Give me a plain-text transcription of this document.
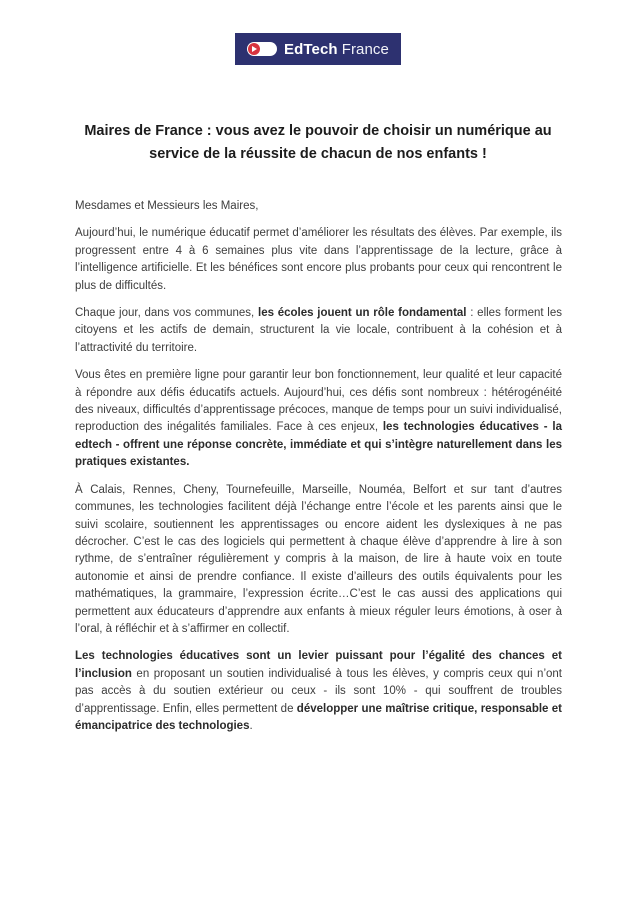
EdTech France
Maires de France : vous avez le pouvoir de choisir un numérique au
service de la réussite de chacun de nos enfants !

Mesdames et Messieurs les Maires,

Aujourd’hui, le numérique éducatif permet d’améliorer les résultats des élèves. Par exemple, ils progressent entre 4 à 6 semaines plus vite dans l’apprentissage de la lecture, grâce à l’intelligence artificielle. Et les bénéfices sont encore plus probants pour ceux qui rencontrent le plus de difficultés.

Chaque jour, dans vos communes, les écoles jouent un rôle fondamental : elles forment les citoyens et les actifs de demain, structurent la vie locale, contribuent à la cohésion et à l’attractivité du territoire.

Vous êtes en première ligne pour garantir leur bon fonctionnement, leur qualité et leur capacité à répondre aux défis éducatifs actuels. Aujourd’hui, ces défis sont nombreux : hétérogénéité des niveaux, difficultés d’apprentissage précoces, manque de temps pour un suivi individualisé, reproduction des inégalités familiales. Face à ces enjeux, les technologies éducatives - la edtech - offrent une réponse concrète, immédiate et qui s’intègre naturellement dans les pratiques existantes.

À Calais, Rennes, Cheny, Tournefeuille, Marseille, Nouméa, Belfort et sur tant d’autres communes, les technologies facilitent déjà l’échange entre l’école et les parents ainsi que le suivi scolaire, soutiennent les apprentissages ou encore aident les dyslexiques à ne pas décrocher. C’est le cas des logiciels qui permettent à chaque élève d’apprendre à lire à son rythme, de s’entraîner régulièrement y compris à la maison, de lire à haute voix en toute autonomie et ainsi de prendre confiance. Il existe d’ailleurs des outils équivalents pour les mathématiques, la grammaire, l’expression écrite…C’est le cas aussi des applications qui permettent aux éducateurs d’apprendre aux enfants à mieux réguler leurs émotions, à oser à l’oral, à réfléchir et à s’affirmer en collectif.

Les technologies éducatives sont un levier puissant pour l’égalité des chances et l’inclusion en proposant un soutien individualisé à tous les élèves, y compris ceux qui n’ont pas accès à du soutien extérieur ou ceux - ils sont 10% - qui souffrent de troubles d’apprentissage. Enfin, elles permettent de développer une maîtrise critique, responsable et émancipatrice des technologies.
